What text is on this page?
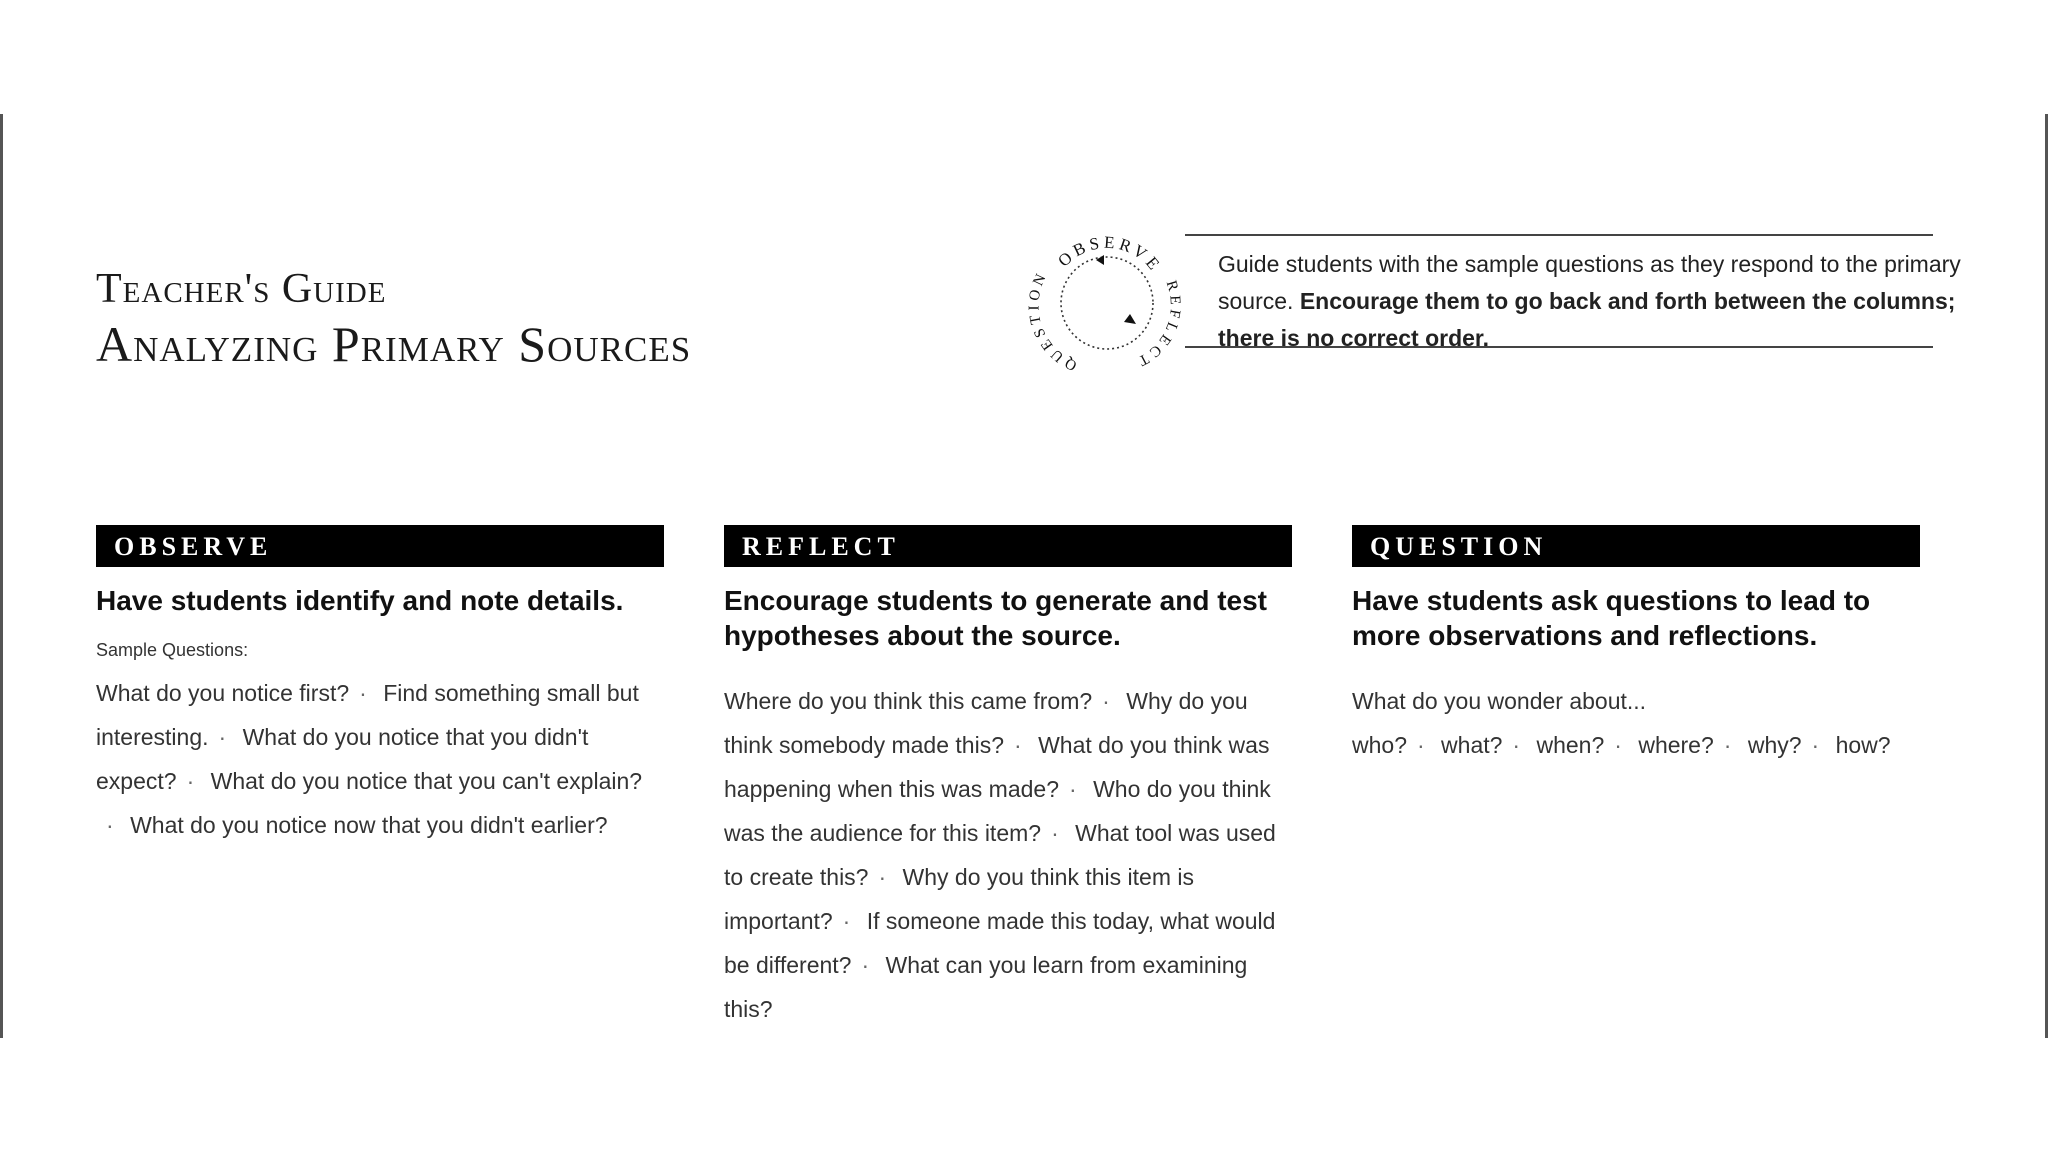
Teacher's Guide
Analyzing Primary Sources
OBSERVE
REFLECT
QUESTION
Guide students with the sample questions as they respond to the primary source. Encourage them to go back and forth between the columns; there is no correct order.
OBSERVE
Have students identify and note details.
Sample Questions:
What do you notice first? · Find something small but interesting. · What do you notice that you didn't expect? · What do you notice that you can't explain?· What do you notice now that you didn't earlier?
REFLECT
Encourage students to generate and test hypotheses about the source.
Where do you think this came from? · Why do you think somebody made this? · What do you think was happening when this was made? · Who do you think was the audience for this item? · What tool was used to create this? · Why do you think this item is important? · If someone made this today, what would be different? · What can you learn from examining this?
QUESTION
Have students ask questions to lead to more observations and reflections.
What do you wonder about...
who? · what? · when? · where? · why? · how?
